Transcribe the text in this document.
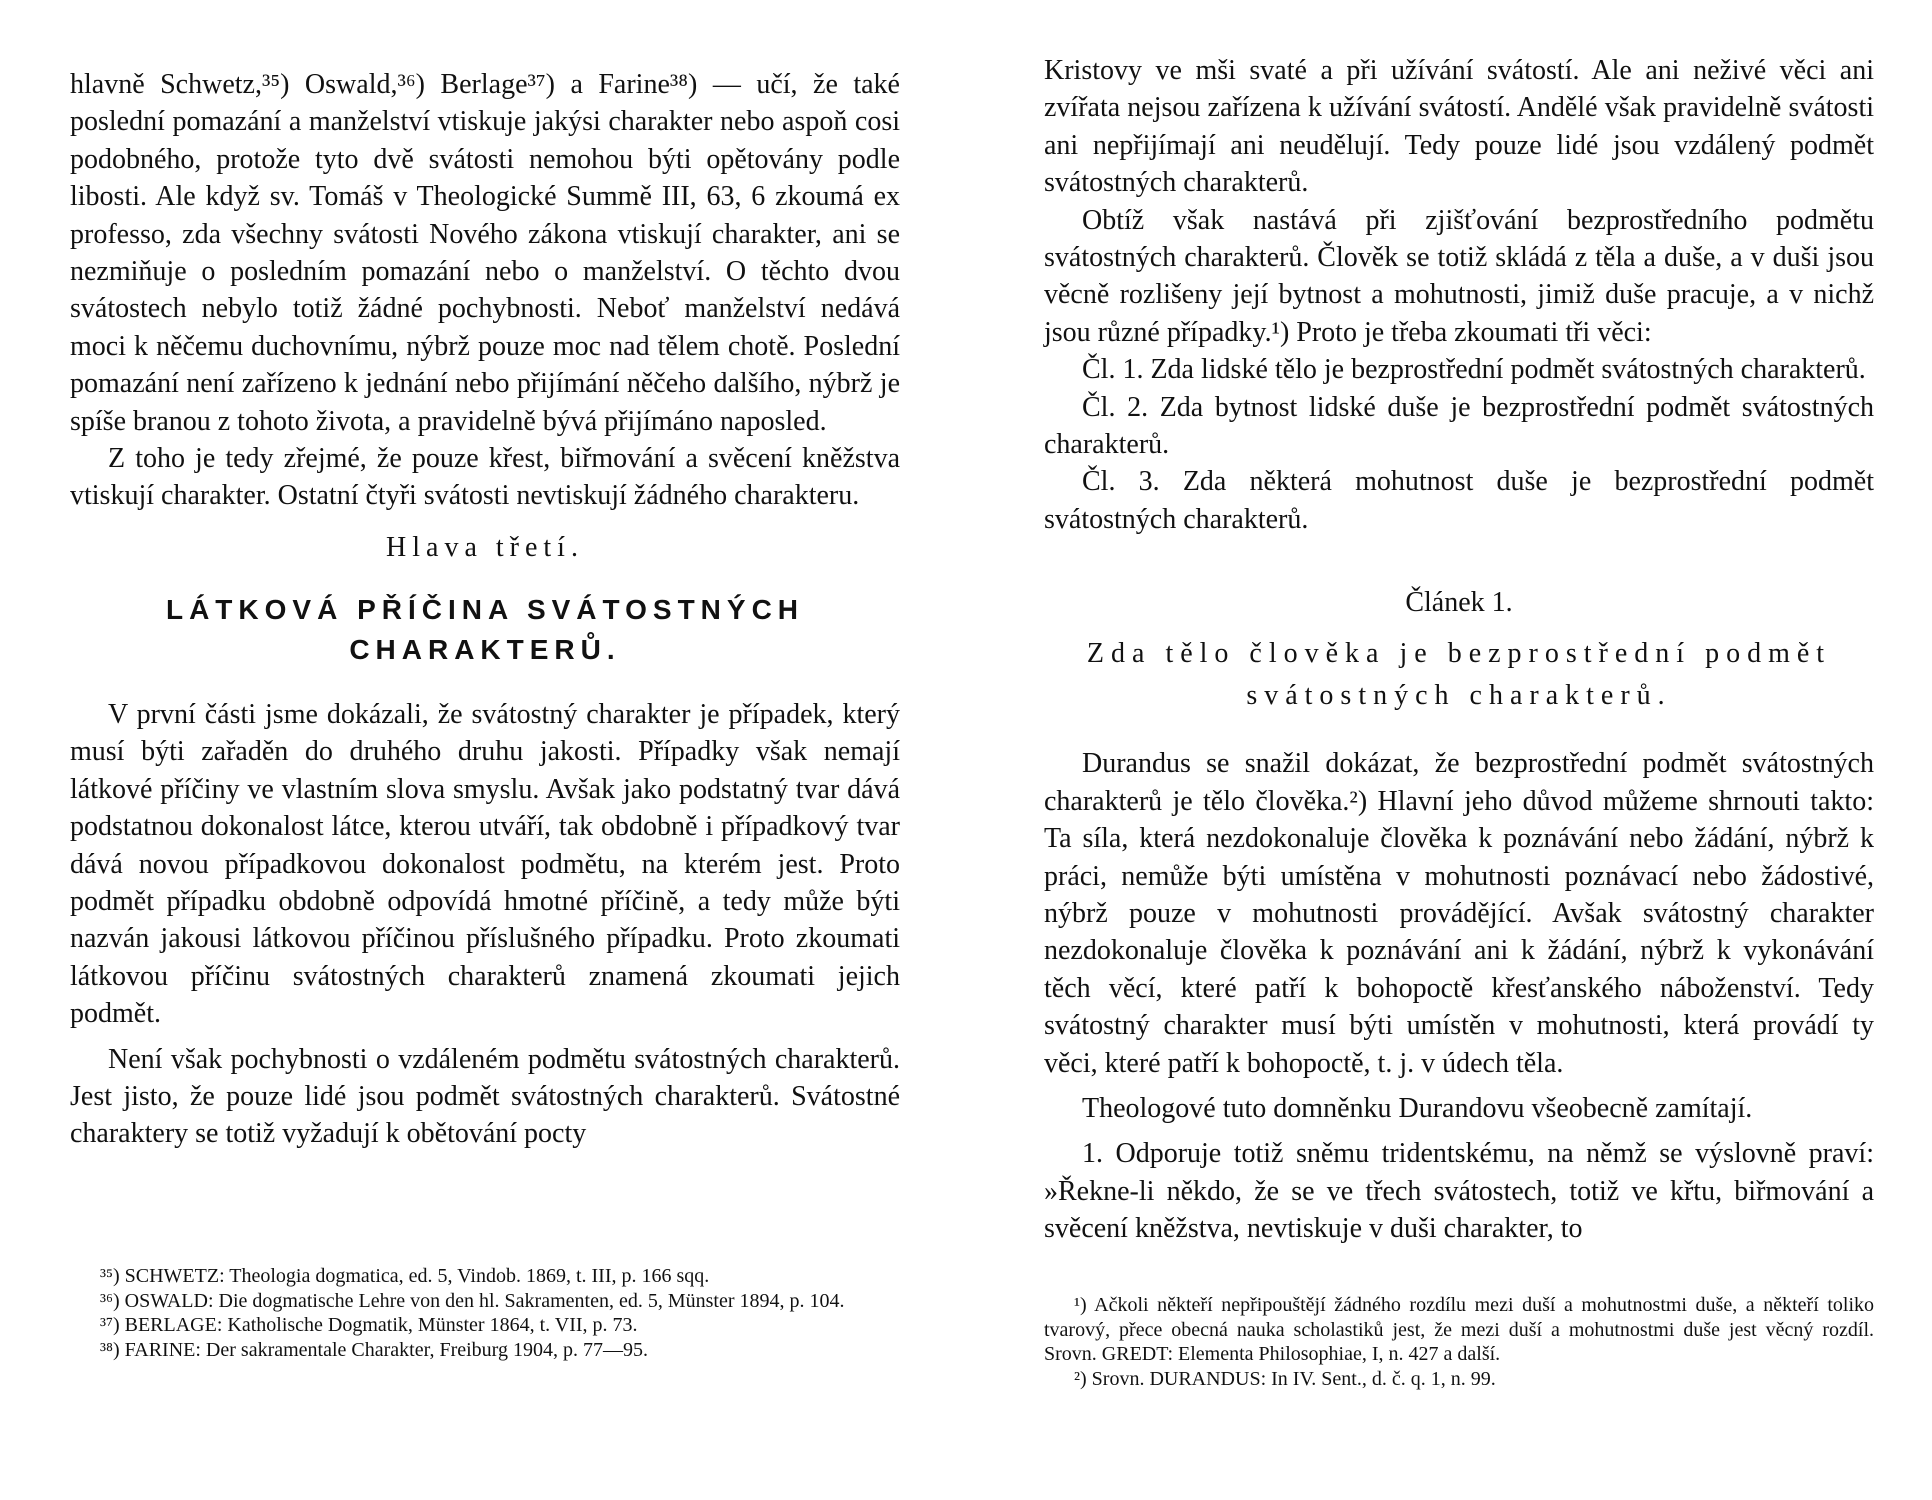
hlavně Schwetz,³⁵) Oswald,³⁶) Berlage³⁷) a Farine³⁸) — učí, že také poslední pomazání a manželství vtiskuje jakýsi charakter nebo aspoň cosi podobného, protože tyto dvě svátosti nemohou býti opětovány podle libosti. Ale když sv. Tomáš v Theologické Summě III, 63, 6 zkoumá ex professo, zda všechny svátosti Nového zákona vtiskují charakter, ani se nezmiňuje o posledním pomazání nebo o manželství. O těchto dvou svátostech nebylo totiž žádné pochybnosti. Neboť manželství nedává moci k něčemu duchovnímu, nýbrž pouze moc nad tělem chotě. Poslední pomazání není zařízeno k jednání nebo přijímání něčeho dalšího, nýbrž je spíše branou z tohoto života, a pravidelně bývá přijímáno naposled.

Z toho je tedy zřejmé, že pouze křest, biřmování a svěcení kněžstva vtiskují charakter. Ostatní čtyři svátosti nevtiskují žádného charakteru.

Hlava třetí.
LÁTKOVÁ PŘÍČINA SVÁTOSTNÝCH
CHARAKTERŮ.

V první části jsme dokázali, že svátostný charakter je případek, který musí býti zařaděn do druhého druhu jakosti. Případky však nemají látkové příčiny ve vlastním slova smyslu. Avšak jako podstatný tvar dává podstatnou dokonalost látce, kterou utváří, tak obdobně i případkový tvar dává novou případkovou dokonalost podmětu, na kterém jest. Proto podmět případku obdobně odpovídá hmotné příčině, a tedy může býti nazván jakousi látkovou příčinou příslušného případku. Proto zkoumati látkovou příčinu svátostných charakterů znamená zkoumati jejich podmět.

Není však pochybnosti o vzdáleném podmětu svátostných charakterů. Jest jisto, že pouze lidé jsou podmět svátostných charakterů. Svátostné charaktery se totiž vyžadují k obětování pocty

³⁵) SCHWETZ: Theologia dogmatica, ed. 5, Vindob. 1869, t. III, p. 166 sqq.

³⁶) OSWALD: Die dogmatische Lehre von den hl. Sakramenten, ed. 5, Münster 1894, p. 104.

³⁷) BERLAGE: Katholische Dogmatik, Münster 1864, t. VII, p. 73.

³⁸) FARINE: Der sakramentale Charakter, Freiburg 1904, p. 77—95.

Kristovy ve mši svaté a při užívání svátostí. Ale ani neživé věci ani zvířata nejsou zařízena k užívání svátostí. Andělé však pravidelně svátosti ani nepřijímají ani neudělují. Tedy pouze lidé jsou vzdálený podmět svátostných charakterů.

Obtíž však nastává při zjišťování bezprostředního podmětu svátostných charakterů. Člověk se totiž skládá z těla a duše, a v duši jsou věcně rozlišeny její bytnost a mohutnosti, jimiž duše pracuje, a v nichž jsou různé případky.¹) Proto je třeba zkoumati tři věci:

Čl. 1. Zda lidské tělo je bezprostřední podmět svátostných charakterů.

Čl. 2. Zda bytnost lidské duše je bezprostřední podmět svátostných charakterů.

Čl. 3. Zda některá mohutnost duše je bezprostřední podmět svátostných charakterů.

Článek 1.
Zda tělo člověka je bezprostřední podmět
svátostných charakterů.

Durandus se snažil dokázat, že bezprostřední podmět svátostných charakterů je tělo člověka.²) Hlavní jeho důvod můžeme shrnouti takto: Ta síla, která nezdokonaluje člověka k poznávání nebo žádání, nýbrž k práci, nemůže býti umístěna v mohutnosti poznávací nebo žádostivé, nýbrž pouze v mohutnosti provádějící. Avšak svátostný charakter nezdokonaluje člověka k poznávání ani k žádání, nýbrž k vykonávání těch věcí, které patří k bohopoctě křesťanského náboženství. Tedy svátostný charakter musí býti umístěn v mohutnosti, která provádí ty věci, které patří k bohopoctě, t. j. v údech těla.

Theologové tuto domněnku Durandovu všeobecně zamítají.

1. Odporuje totiž sněmu tridentskému, na němž se výslovně praví: »Řekne-li někdo, že se ve třech svátostech, totiž ve křtu, biřmování a svěcení kněžstva, nevtiskuje v duši charakter, to

¹) Ačkoli někteří nepřipouštějí žádného rozdílu mezi duší a mohutnostmi duše, a někteří toliko tvarový, přece obecná nauka scholastiků jest, že mezi duší a mohutnostmi duše jest věcný rozdíl. Srovn. GREDT: Elementa Philosophiae, I, n. 427 a další.

²) Srovn. DURANDUS: In IV. Sent., d. č. q. 1, n. 99.
